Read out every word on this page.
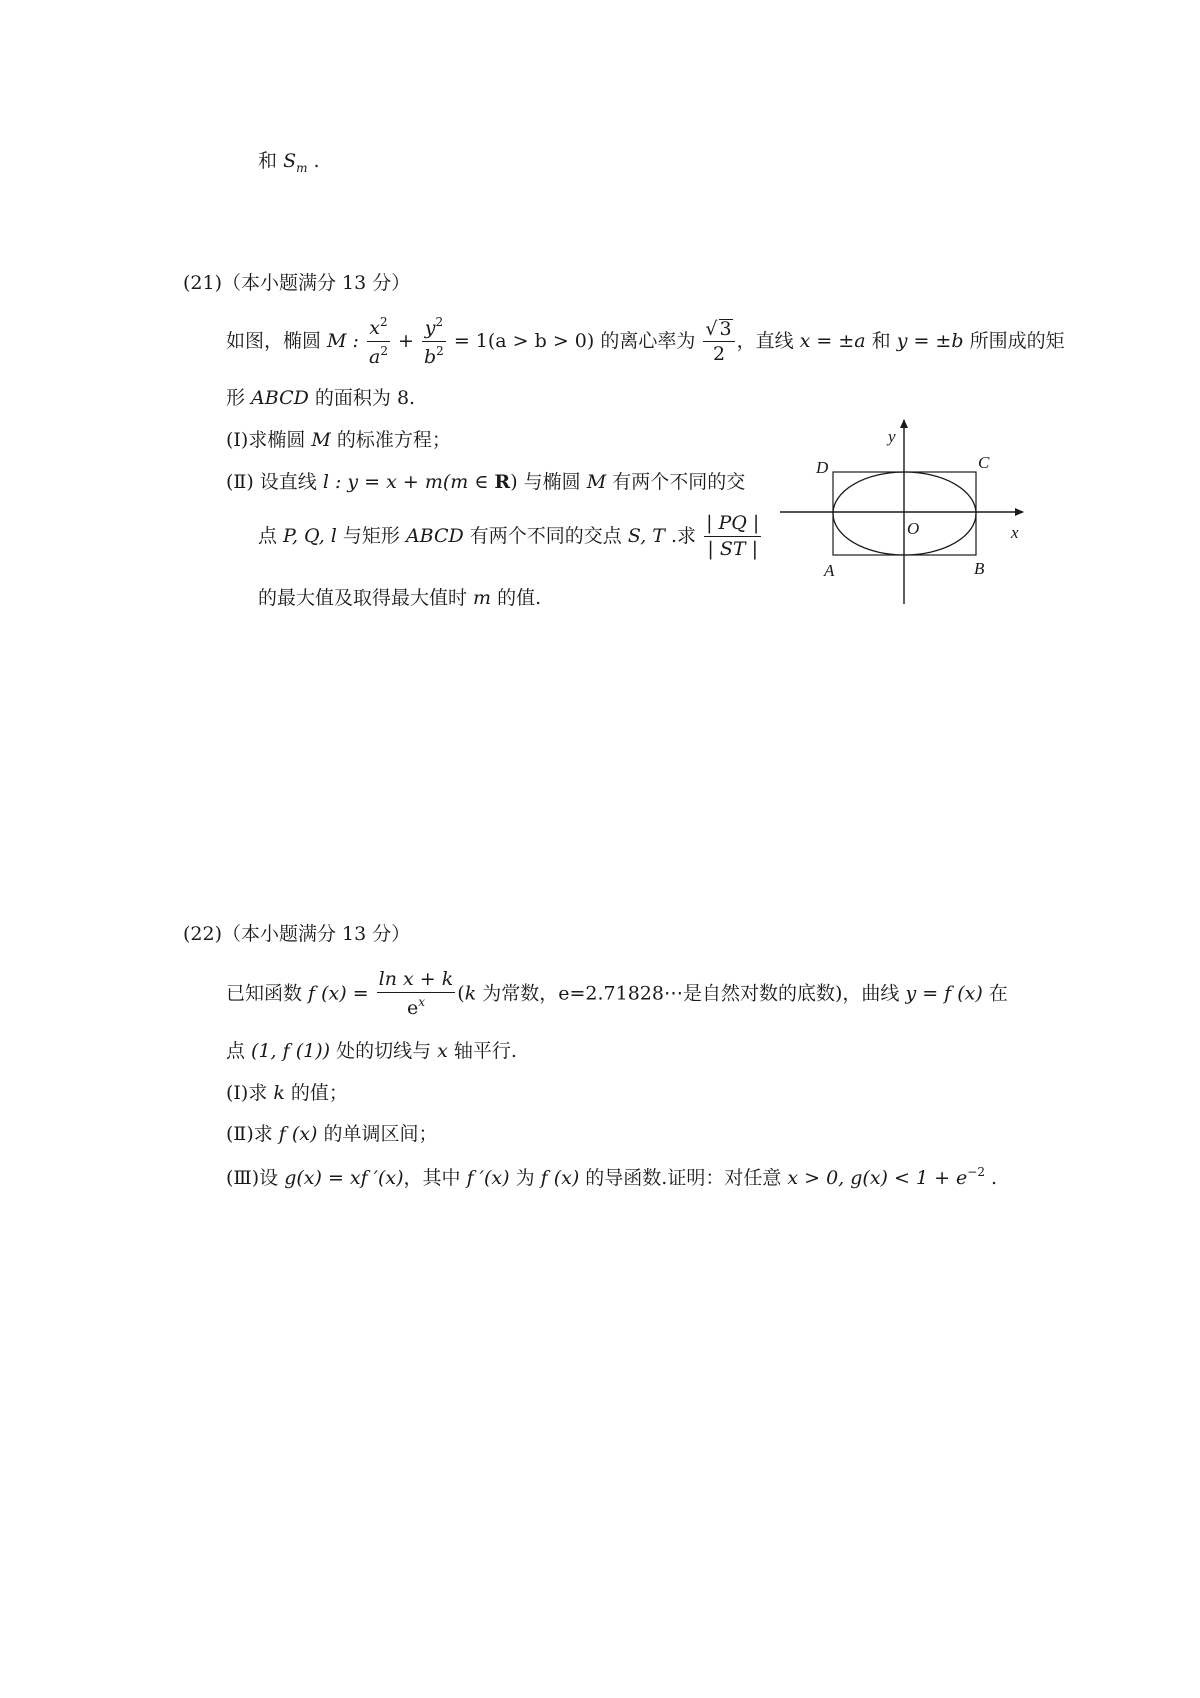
和 $S_m$ .
(21)（本小题满分 13 分）
如图，椭圆 M : $\frac{x^2}{a^2} + \frac{y^2}{b^2} = 1(a > b > 0)$ 的离心率为 $\frac{√ 3}{2}$ ，直线 x = ±a 和 y = ±b 所围成的矩
形 ABCD 的面积为 8.
(Ⅰ)求椭圆 M 的标准方程；
(Ⅱ) 设直线 l : y = x + m(m ∈ R) 与椭圆 M 有两个不同的交
点 P, Q, l 与矩形 ABCD 有两个不同的交点 S, T .求 $\frac{| PQ |}{| ST |}$
的最大值及取得最大值时 m 的值.
y
x
O
D	C
A	B
(22)（本小题满分 13 分）
已知函数 f $(x) = \frac{\text{ln x + k}}{e^x} (k$ 为常数，e=2.71828⋯是自然对数的底数)，曲线 y = f (x) 在
点 (1, f (1)) 处的切线与 x 轴平行.
(Ⅰ)求 k 的值；
(Ⅱ)求 f (x) 的单调区间；
(Ⅲ)设 g(x) = xf ′(x)，其中 f ′(x) 为 f (x) 的导函数.证明：对任意 x > 0, $g(x) < 1 + e^{-2}$ .
